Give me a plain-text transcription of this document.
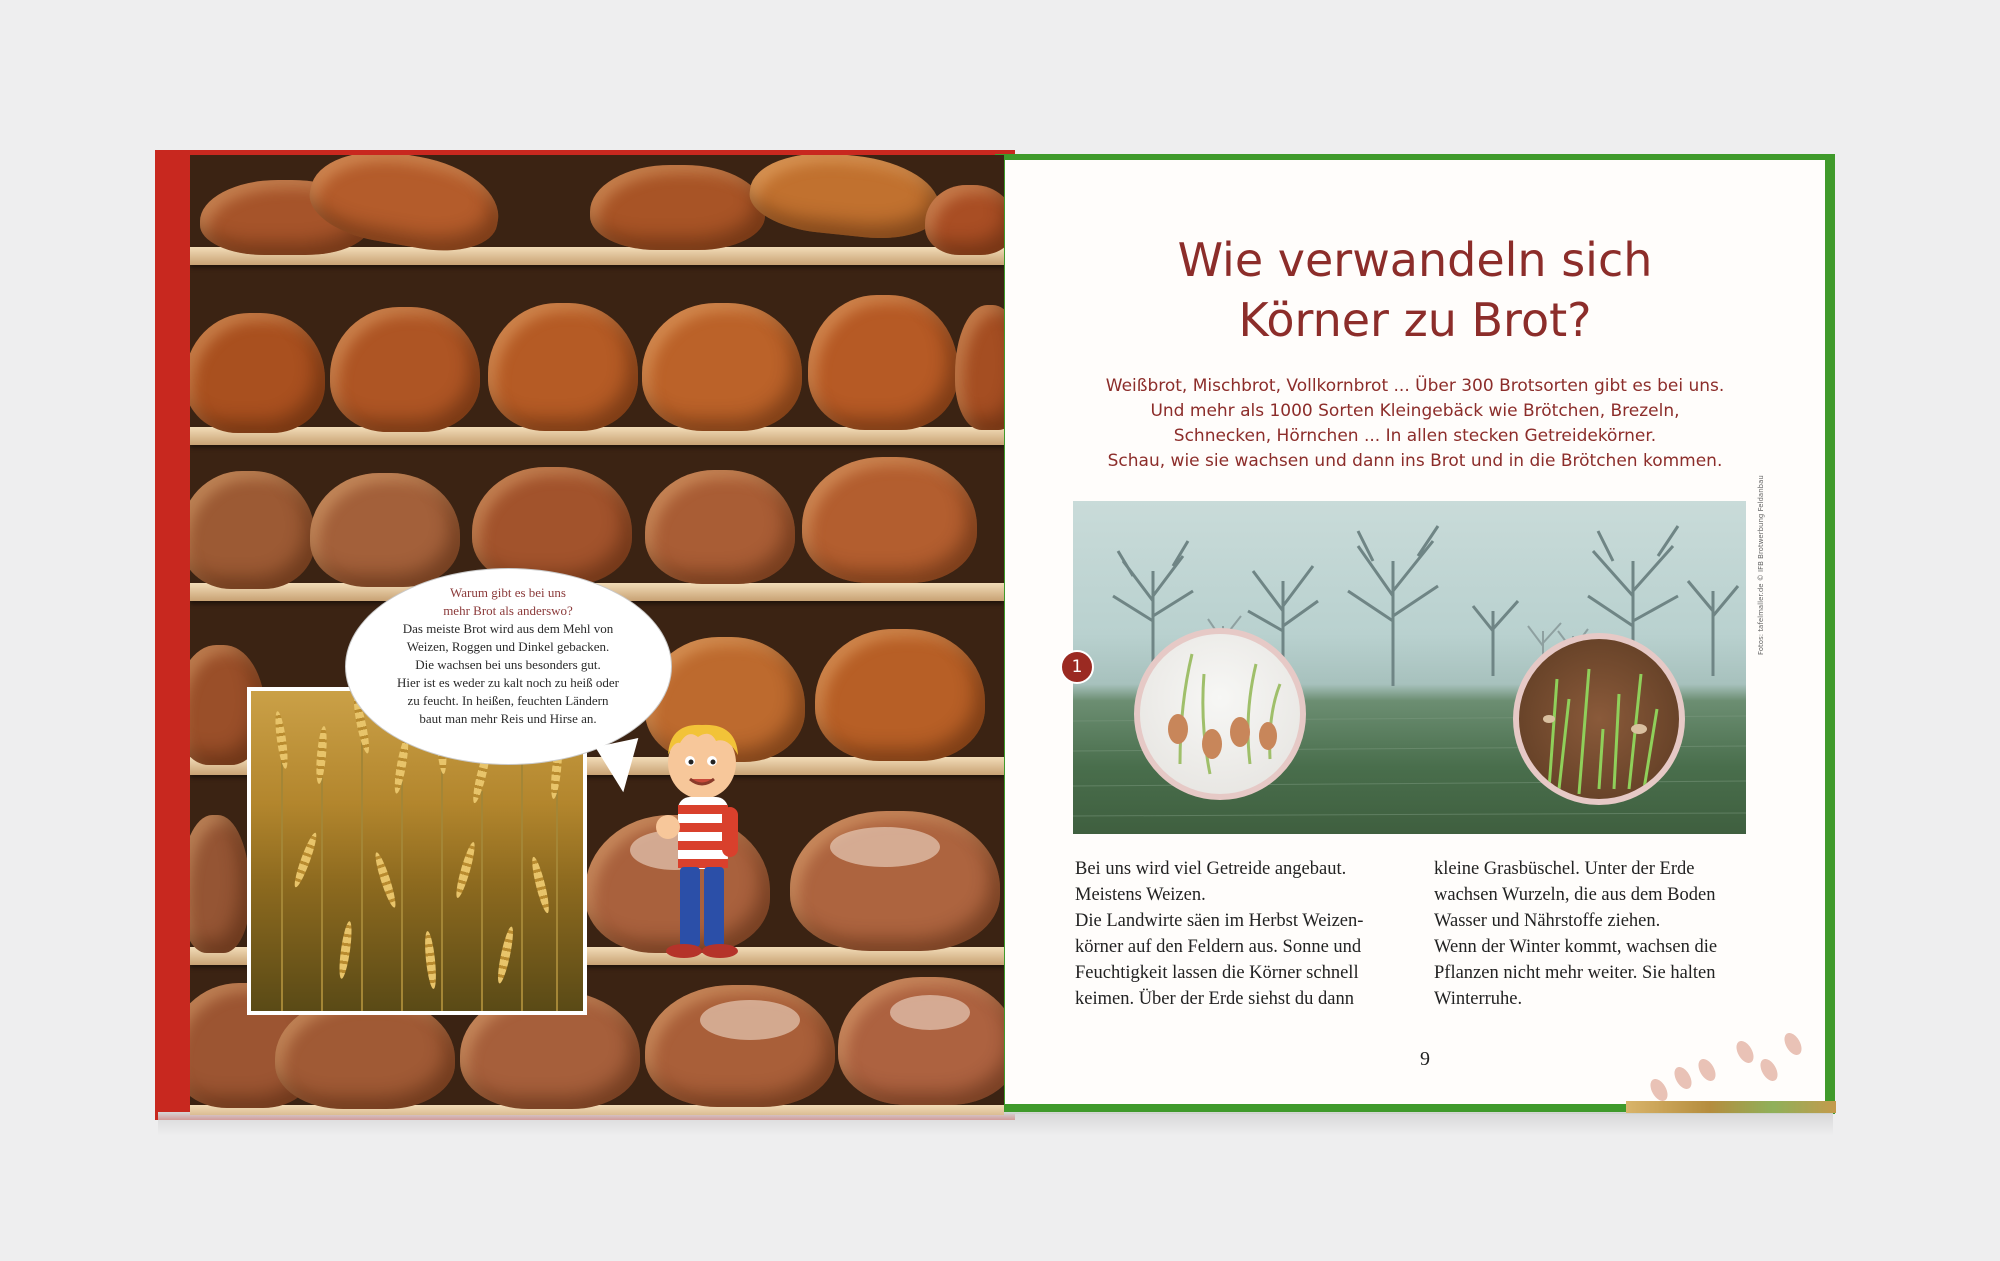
Warum gibt es bei uns
mehr Brot als anderswo?
Das meiste Brot wird aus dem Mehl von
Weizen, Roggen und Dinkel gebacken.
Die wachsen bei uns besonders gut.
Hier ist es weder zu kalt noch zu heiß oder
zu feucht. In heißen, feuchten Ländern
baut man mehr Reis und Hirse an.
Wie verwandeln sich
Körner zu Brot?
Weißbrot, Mischbrot, Vollkornbrot ... Über 300 Brotsorten gibt es bei uns.
Und mehr als 1000 Sorten Kleingebäck wie Brötchen, Brezeln,
Schnecken, Hörnchen ... In allen stecken Getreidekörner.
Schau, wie sie wachsen und dann ins Brot und in die Brötchen kommen.
1
Fotos: tafelmaller.de © IFB Brotwerbung Feldanbau
Bei uns wird viel Getreide angebaut.
Meistens Weizen.
Die Landwirte säen im Herbst Weizen-
körner auf den Feldern aus. Sonne und
Feuchtigkeit lassen die Körner schnell
keimen. Über der Erde siehst du dann
kleine Grasbüschel. Unter der Erde
wachsen Wurzeln, die aus dem Boden
Wasser und Nährstoffe ziehen.
Wenn der Winter kommt, wachsen die
Pflanzen nicht mehr weiter. Sie halten
Winterruhe.
9
